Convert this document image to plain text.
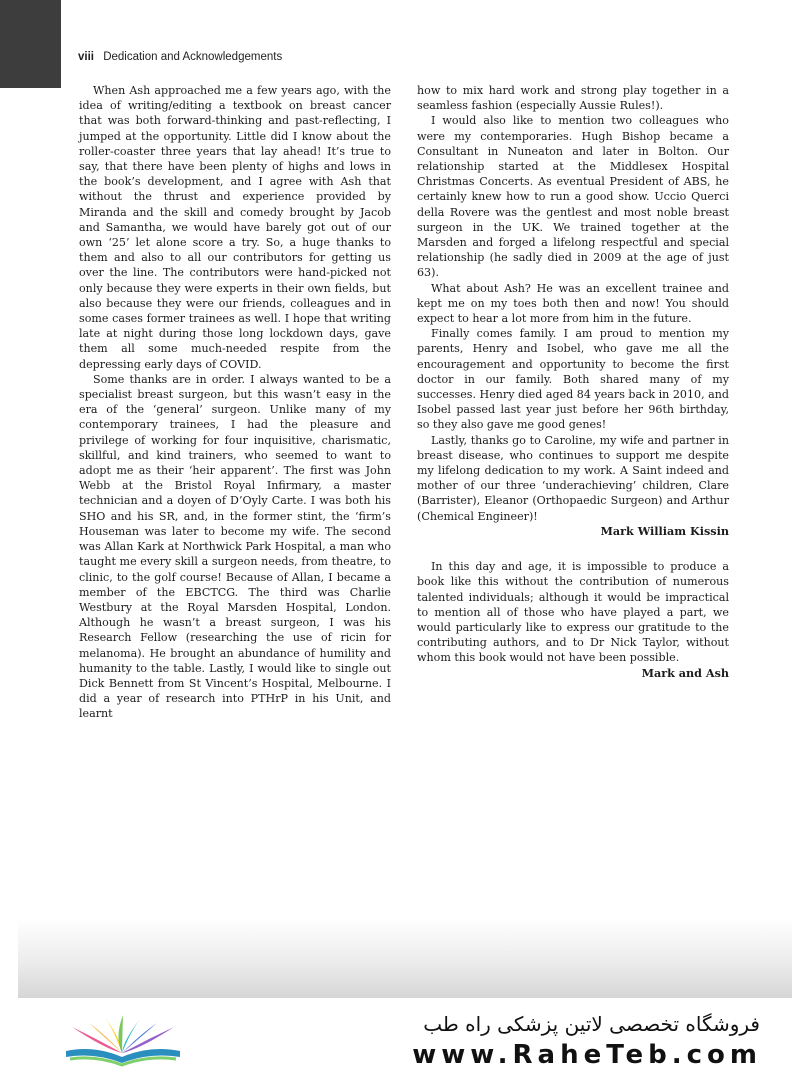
viii Dedication and Acknowledgements

When Ash approached me a few years ago, with the idea of writing/editing a textbook on breast cancer that was both forward-thinking and past-reflecting, I jumped at the opportunity. Little did I know about the roller-coaster three years that lay ahead! It’s true to say, that there have been plenty of highs and lows in the book’s development, and I agree with Ash that without the thrust and experience provided by Miranda and the skill and comedy brought by Jacob and Samantha, we would have barely got out of our own ‘25’ let alone score a try. So, a huge thanks to them and also to all our contributors for getting us over the line. The contributors were hand-picked not only because they were experts in their own fields, but also because they were our friends, colleagues and in some cases former trainees as well. I hope that writing late at night during those long lockdown days, gave them all some much-needed respite from the depressing early days of COVID.

Some thanks are in order. I always wanted to be a specialist breast surgeon, but this wasn’t easy in the era of the ‘general’ surgeon. Unlike many of my contemporary trainees, I had the pleasure and privilege of working for four inquisitive, charismatic, skillful, and kind trainers, who seemed to want to adopt me as their ‘heir apparent’. The first was John Webb at the Bristol Royal Infirmary, a master technician and a doyen of D’Oyly Carte. I was both his SHO and his SR, and, in the former stint, the ‘firm’s Houseman was later to become my wife. The second was Allan Kark at Northwick Park Hospital, a man who taught me every skill a surgeon needs, from theatre, to clinic, to the golf course! Because of Allan, I became a member of the EBCTCG. The third was Charlie Westbury at the Royal Marsden Hospital, London. Although he wasn’t a breast surgeon, I was his Research Fellow (researching the use of ricin for melanoma). He brought an abundance of humility and humanity to the table. Lastly, I would like to single out Dick Bennett from St Vincent’s Hospital, Melbourne. I did a year of research into PTHrP in his Unit, and learnt

how to mix hard work and strong play together in a seamless fashion (especially Aussie Rules!).

I would also like to mention two colleagues who were my contemporaries. Hugh Bishop became a Consultant in Nuneaton and later in Bolton. Our relationship started at the Middlesex Hospital Christmas Concerts. As eventual President of ABS, he certainly knew how to run a good show. Uccio Querci della Rovere was the gentlest and most noble breast surgeon in the UK. We trained together at the Marsden and forged a lifelong respectful and special relationship (he sadly died in 2009 at the age of just 63).

What about Ash? He was an excellent trainee and kept me on my toes both then and now! You should expect to hear a lot more from him in the future.

Finally comes family. I am proud to mention my parents, Henry and Isobel, who gave me all the encouragement and opportunity to become the first doctor in our family. Both shared many of my successes. Henry died aged 84 years back in 2010, and Isobel passed last year just before her 96th birthday, so they also gave me good genes!

Lastly, thanks go to Caroline, my wife and partner in breast disease, who continues to support me despite my lifelong dedication to my work. A Saint indeed and mother of our three ‘underachieving’ children, Clare (Barrister), Eleanor (Orthopaedic Surgeon) and Arthur (Chemical Engineer)!

Mark William Kissin

In this day and age, it is impossible to produce a book like this without the contribution of numerous talented individuals; although it would be impractical to mention all of those who have played a part, we would particularly like to express our gratitude to the contributing authors, and to Dr Nick Taylor, without whom this book would not have been possible.

Mark and Ash

فروشگاه تخصصی لاتین پزشکی راه طب
www.RaheTeb.com
